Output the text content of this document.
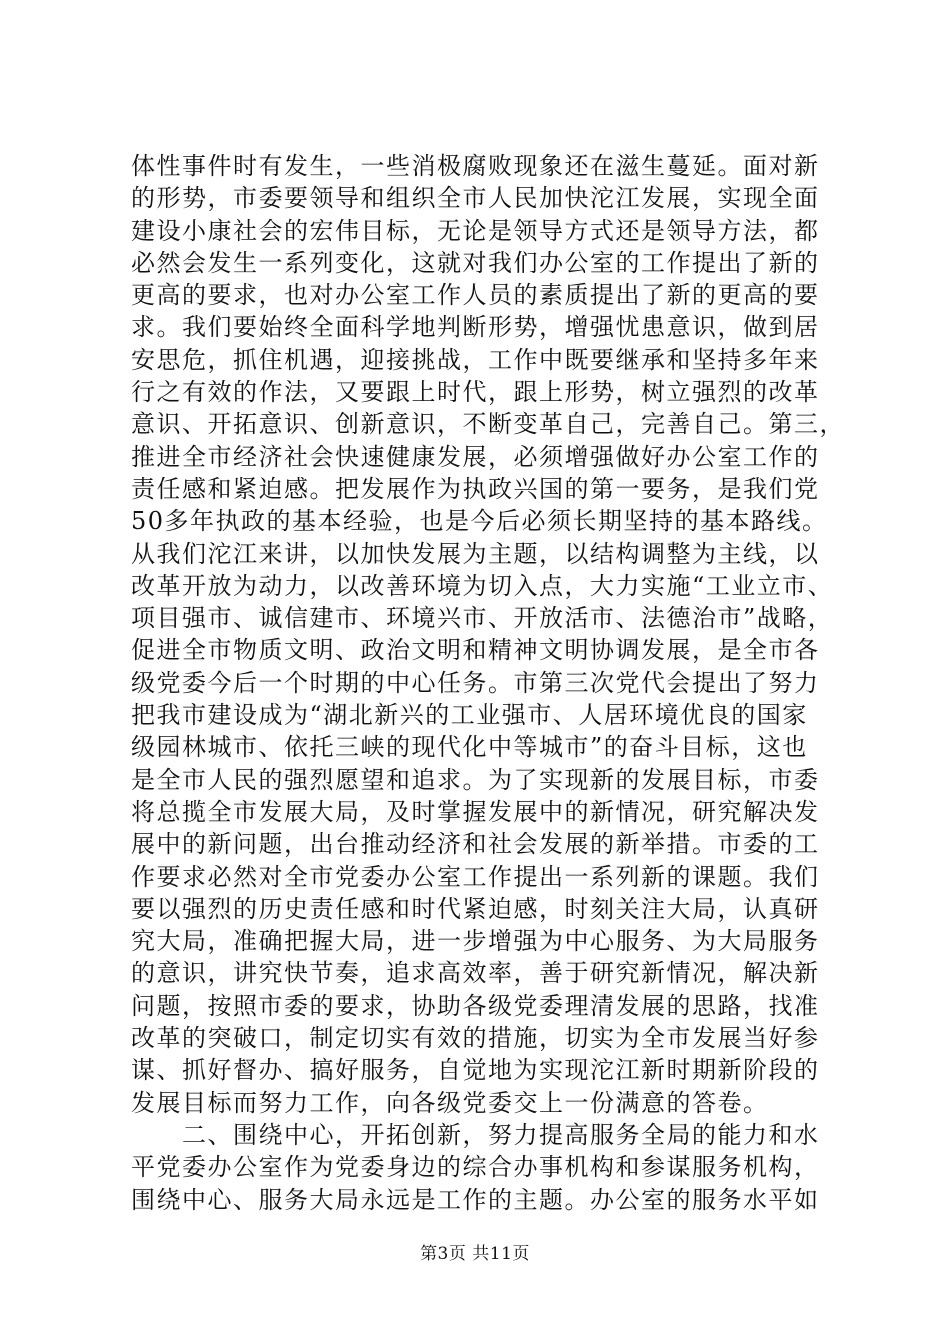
体性事件时有发生，一些消极腐败现象还在滋生蔓延。面对新
的形势，市委要领导和组织全市人民加快沱江发展，实现全面
建设小康社会的宏伟目标，无论是领导方式还是领导方法，都
必然会发生一系列变化，这就对我们办公室的工作提出了新的
更高的要求，也对办公室工作人员的素质提出了新的更高的要
求。我们要始终全面科学地判断形势，增强忧患意识，做到居
安思危，抓住机遇，迎接挑战，工作中既要继承和坚持多年来
行之有效的作法，又要跟上时代，跟上形势，树立强烈的改革
意识、开拓意识、创新意识，不断变革自己，完善自己。第三，
推进全市经济社会快速健康发展，必须增强做好办公室工作的
责任感和紧迫感。把发展作为执政兴国的第一要务，是我们党
50多年执政的基本经验，也是今后必须长期坚持的基本路线。
从我们沱江来讲，以加快发展为主题，以结构调整为主线，以
改革开放为动力，以改善环境为切入点，大力实施“工业立市、
项目强市、诚信建市、环境兴市、开放活市、法德治市”战略，
促进全市物质文明、政治文明和精神文明协调发展，是全市各
级党委今后一个时期的中心任务。市第三次党代会提出了努力
把我市建设成为“湖北新兴的工业强市、人居环境优良的国家
级园林城市、依托三峡的现代化中等城市”的奋斗目标，这也
是全市人民的强烈愿望和追求。为了实现新的发展目标，市委
将总揽全市发展大局，及时掌握发展中的新情况，研究解决发
展中的新问题，出台推动经济和社会发展的新举措。市委的工
作要求必然对全市党委办公室工作提出一系列新的课题。我们
要以强烈的历史责任感和时代紧迫感，时刻关注大局，认真研
究大局，准确把握大局，进一步增强为中心服务、为大局服务
的意识，讲究快节奏，追求高效率，善于研究新情况，解决新
问题，按照市委的要求，协助各级党委理清发展的思路，找准
改革的突破口，制定切实有效的措施，切实为全市发展当好参
谋、抓好督办、搞好服务，自觉地为实现沱江新时期新阶段的
发展目标而努力工作，向各级党委交上一份满意的答卷。
　　二、围绕中心，开拓创新，努力提高服务全局的能力和水
平党委办公室作为党委身边的综合办事机构和参谋服务机构，
围绕中心、服务大局永远是工作的主题。办公室的服务水平如
第3页 共11页
